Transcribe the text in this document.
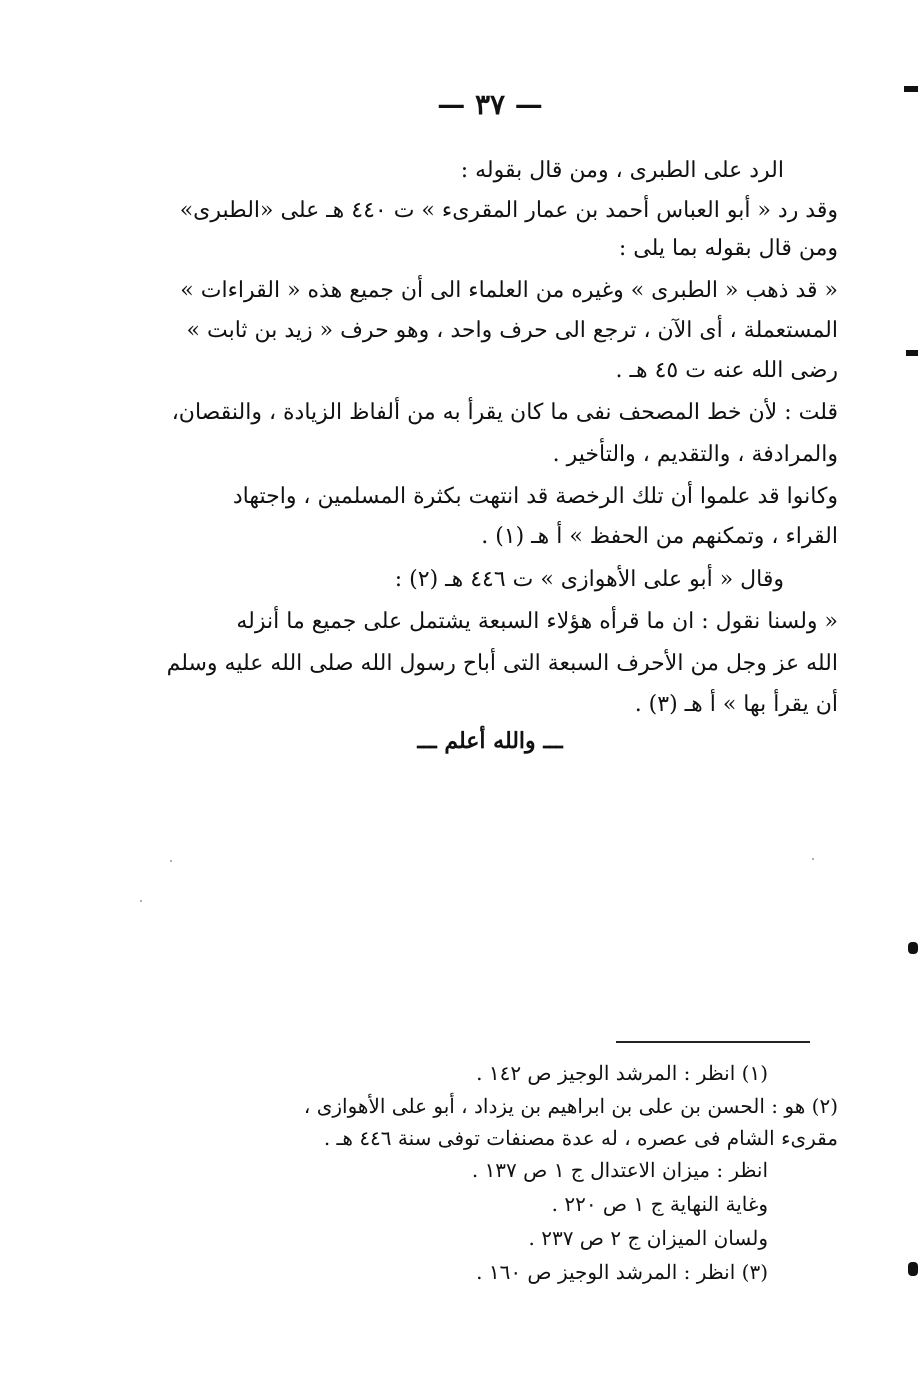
— ٣٧ —
الرد على الطبرى ، ومن قال بقوله :
وقد رد « أبو العباس أحمد بن عمار المقرىء » ت ٤٤٠ هـ على «الطبرى»
ومن قال بقوله بما يلى :
« قد ذهب « الطبرى » وغيره من العلماء الى أن جميع هذه « القراءات »
المستعملة ، أى الآن ، ترجع الى حرف واحد ، وهو حرف « زيد بن ثابت »
رضى الله عنه ت ٤٥ هـ .
قلت : لأن خط المصحف نفى ما كان يقرأ به من ألفاظ الزيادة ، والنقصان،
والمرادفة ، والتقديم ، والتأخير .
وكانوا قد علموا أن تلك الرخصة قد انتهت بكثرة المسلمين ، واجتهاد
القراء ، وتمكنهم من الحفظ » أ هـ (١) .
وقال « أبو على الأهوازى » ت ٤٤٦ هـ (٢) :
« ولسنا نقول : ان ما قرأه هؤلاء السبعة يشتمل على جميع ما أنزله
الله عز وجل من الأحرف السبعة التى أباح رسول الله صلى الله عليه وسلم
أن يقرأ بها » أ هـ (٣) .
ـــ والله أعلم ـــ
(١) انظر : المرشد الوجيز ص ١٤٢ .
(٢) هو : الحسن بن على بن ابراهيم بن يزداد ، أبو على الأهوازى ،
مقرىء الشام فى عصره ، له عدة مصنفات توفى سنة ٤٤٦ هـ .
انظر : ميزان الاعتدال ج ١ ص ١٣٧ .
وغاية النهاية ج ١ ص ٢٢٠ .
ولسان الميزان ج ٢ ص ٢٣٧ .
(٣) انظر : المرشد الوجيز ص ١٦٠ .
